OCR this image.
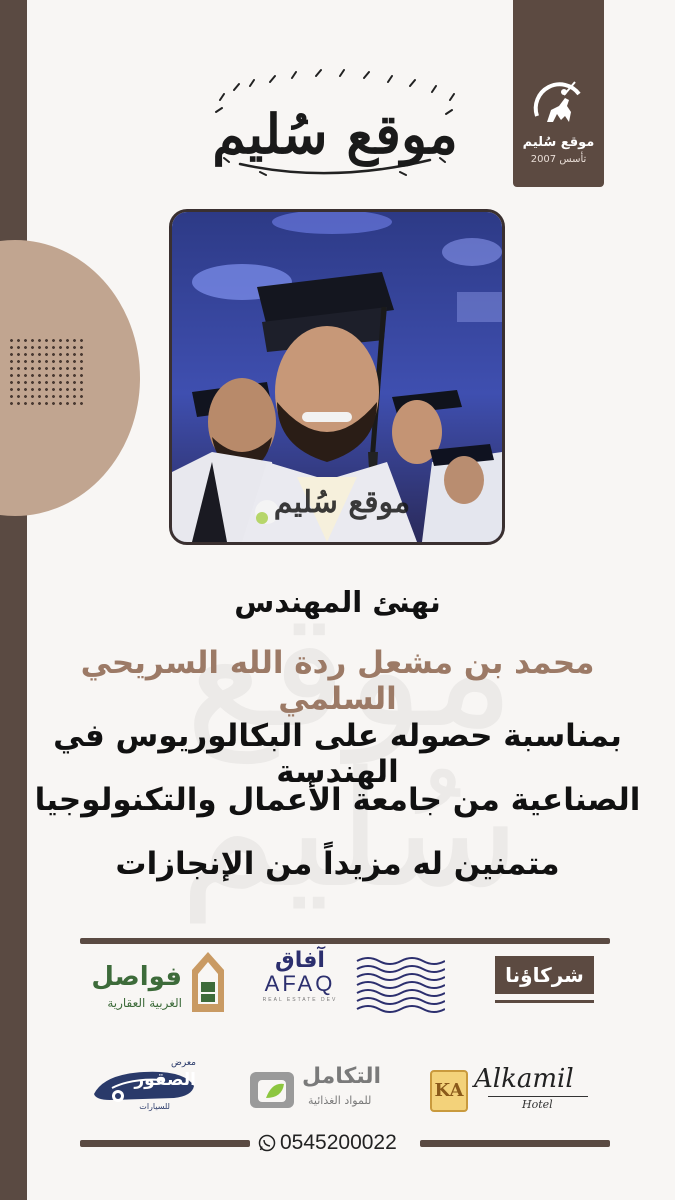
موقع سُليم
تأسس 2007
موقع سُليم
موقع سُليم
نهنئ المهندس
محمد بن مشعل ردة الله السريحي السلمي
بمناسبة حصوله على البكالوريوس في الهندسة
الصناعية من جامعة الأعمال والتكنولوجيا
متمنين له مزيداً من الإنجازات
شركاؤنا
آفاق
AFAQ
REAL ESTATE DEV
فواصل
الغربية العقارية
KA Alkamil
Hotel
التكامل
للمواد الغذائية
معرض
الصقور
للسيارات
0545200022
